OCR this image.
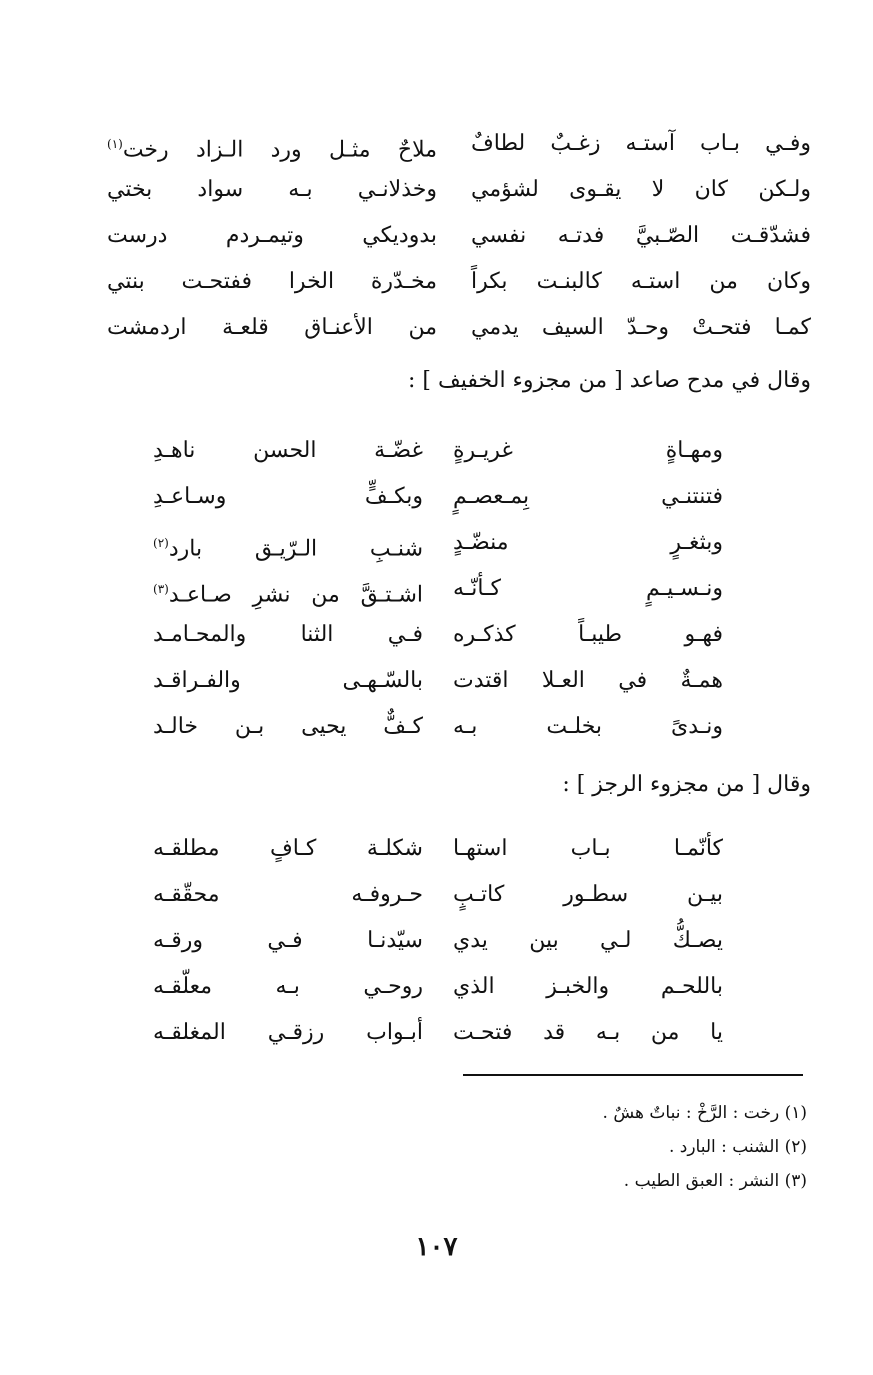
وفـي بـاب آستـه زغـبٌ لطافٌ
ملاحٌ مثـل ورد الـزاد رخت$^{(١)}$
ولـكن كان لا يقـوى لشؤمي
وخذلانـي بـه سواد بختي
فشدّقـت الصّـبيَّ فدتـه نفسي
بدوديكي وتيمـردم درست
وكان من استـه كالبنـت بكراً
مخـدّرة الخرا ففتحـت بنتي
كمـا فتحـتْ وحـدّ السيف يدمي
من الأعنـاق قلعـة اردمشت
وقال في مدح صاعد [ من مجزوء الخفيف ] :
ومهـاةٍ غريـرةٍ
غضّـة الحسن ناهـدِ
فتنتنـي بِمـعصـمٍ
وبكـفٍّ وسـاعـدِ
وبثغـرٍ منضّـدٍ
شنـبِ الـرّيـق بارد$^{(٢)}$
ونـسـيـمٍ كـأنّـه
اشـتـقَّ من نشرِ صـاعـد$^{(٣)}$
فهـو طيبـاً كذكـره
فـي الثنا والمحـامـد
همـةٌ في العـلا اقتدت
بالسّـهـى والفـراقـد
ونـدىً بخلـت بـه
كـفٌّ يحيى بـن خالـد
وقال [ من مجزوء الرجز ] :
كأنّمـا بـاب استهـا
شكلـة كـافٍ مطلقـه
بيـن سطـور كاتـبٍ
حـروفـه محقّقـه
يصـكُّ لـي بين يدي
سيّدنـا فـي ورقـه
باللحـم والخبـز الذي
روحـي بـه معلّقـه
يا من بـه قد فتحـت
أبـواب رزقـي المغلقـه
(١) رخت : الرَّخْ : نباتٌ هشٌ .
(٢) الشنب : البارد .
(٣) النشر : العبق الطيب .
١٠٧
